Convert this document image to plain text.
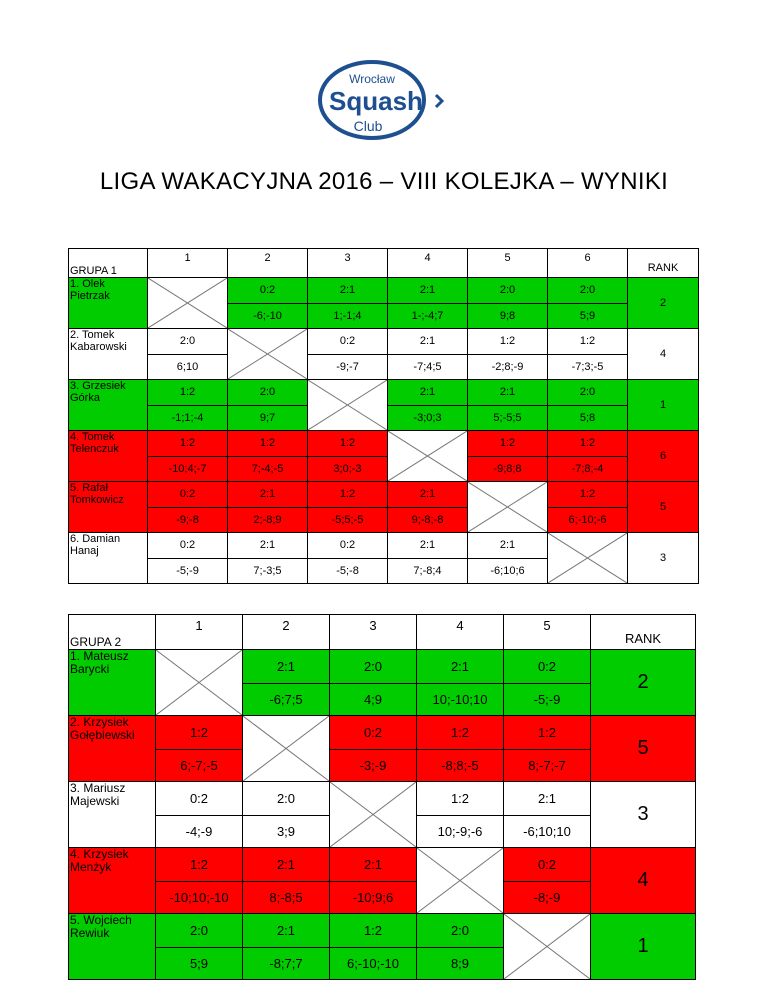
Wrocław
Squash
Club
LIGA WAKACYJNA 2016 – VIII KOLEJKA – WYNIKI
GRUPA 1	1	2	3	4	5	6	RANK
1. Olek Pietrzak		0:2	2:1	2:1	2:0	2:0	2
		-6;-10	1;-1;4	1-;-4;7	9;8	5;9	
2. Tomek Kabarowski	2:0		0:2	2:1	1:2	1:2	4
	6;10		-9;-7	-7;4;5	-2;8;-9	-7;3;-5	
3. Grzesiek Górka	1:2	2:0		2:1	2:1	2:0	1
	-1;1;-4	9;7		-3;0;3	5;-5;5	5;8	
4. Tomek Telenczuk	1:2	1:2	1:2		1:2	1:2	6
	-10;4;-7	7;-4;-5	3;0;-3		-9;8;8	-7;8;-4	
5. Rafał Tomkowicz	0:2	2:1	1:2	2:1		1:2	5
	-9;-8	2;-8;9	-5;5;-5	9;-8;-8		6;-10;-6	
6. Damian Hanaj	0:2	2:1	0:2	2:1	2:1		3
	-5;-9	7;-3;5	-5;-8	7;-8;4	-6;10;6		
GRUPA 2	1	2	3	4	5	RANK
1. Mateusz Barycki		2:1	2:0	2:1	0:2	2
		-6;7;5	4;9	10;-10;10	-5;-9	
2. Krzysiek Gołębiewski	1:2		0:2	1:2	1:2	5
	6;-7;-5		-3;-9	-8;8;-5	8;-7;-7	
3. Mariusz Majewski	0:2	2:0		1:2	2:1	3
	-4;-9	3;9		10;-9;-6	-6;10;10	
4. Krzysiek Menżyk	1:2	2:1	2:1		0:2	4
	-10;10;-10	8;-8;5	-10;9;6		-8;-9	
5. Wojciech Rewiuk	2:0	2:1	1:2	2:0		1
	5;9	-8;7;7	6;-10;-10	8;9		
